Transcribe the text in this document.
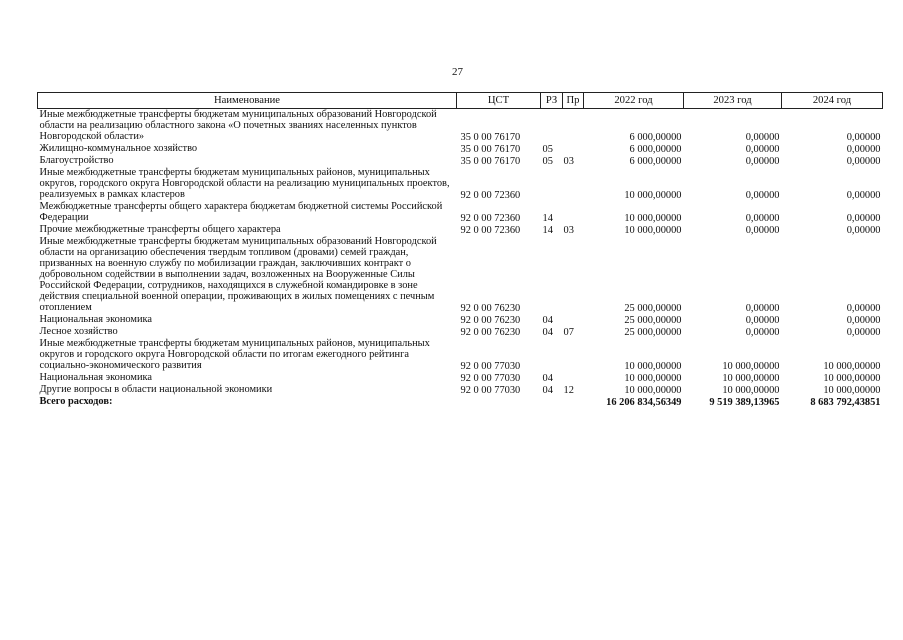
27
Наименование	ЦСТ	РЗ	Пр	2022 год	2023 год	2024 год
Иные межбюджетные трансферты бюджетам муниципальных образований Новгородской области на реализацию областного закона «О почетных званиях населенных пунктов Новгородской области»	35 0 00 76170			6 000,00000	0,00000	0,00000
Жилищно-коммунальное хозяйство	35 0 00 76170	05		6 000,00000	0,00000	0,00000
Благоустройство	35 0 00 76170	05	03	6 000,00000	0,00000	0,00000
Иные межбюджетные трансферты бюджетам муниципальных районов, муниципальных округов, городского округа Новгородской области на реализацию муниципальных проектов, реализуемых в рамках кластеров	92 0 00 72360			10 000,00000	0,00000	0,00000
Межбюджетные трансферты общего характера бюджетам бюджетной системы Российской Федерации	92 0 00 72360	14		10 000,00000	0,00000	0,00000
Прочие межбюджетные трансферты общего характера	92 0 00 72360	14	03	10 000,00000	0,00000	0,00000
Иные межбюджетные трансферты бюджетам муниципальных образований Новгородской области на организацию обеспечения твердым топливом (дровами) семей граждан, призванных на военную службу по мобилизации граждан, заключивших контракт о добровольном содействии в выполнении задач, возложенных на Вооруженные Силы Российской Федерации, сотрудников, находящихся в служебной командировке в зоне действия специальной военной операции, проживающих в жилых помещениях с печным отоплением	92 0 00 76230			25 000,00000	0,00000	0,00000
Национальная экономика	92 0 00 76230	04		25 000,00000	0,00000	0,00000
Лесное хозяйство	92 0 00 76230	04	07	25 000,00000	0,00000	0,00000
Иные межбюджетные трансферты бюджетам муниципальных районов, муниципальных округов и городского округа Новгородской области по итогам ежегодного рейтинга социально-экономического развития	92 0 00 77030			10 000,00000	10 000,00000	10 000,00000
Национальная экономика	92 0 00 77030	04		10 000,00000	10 000,00000	10 000,00000
Другие вопросы в области национальной экономики	92 0 00 77030	04	12	10 000,00000	10 000,00000	10 000,00000
Всего расходов:				16 206 834,56349	9 519 389,13965	8 683 792,43851
